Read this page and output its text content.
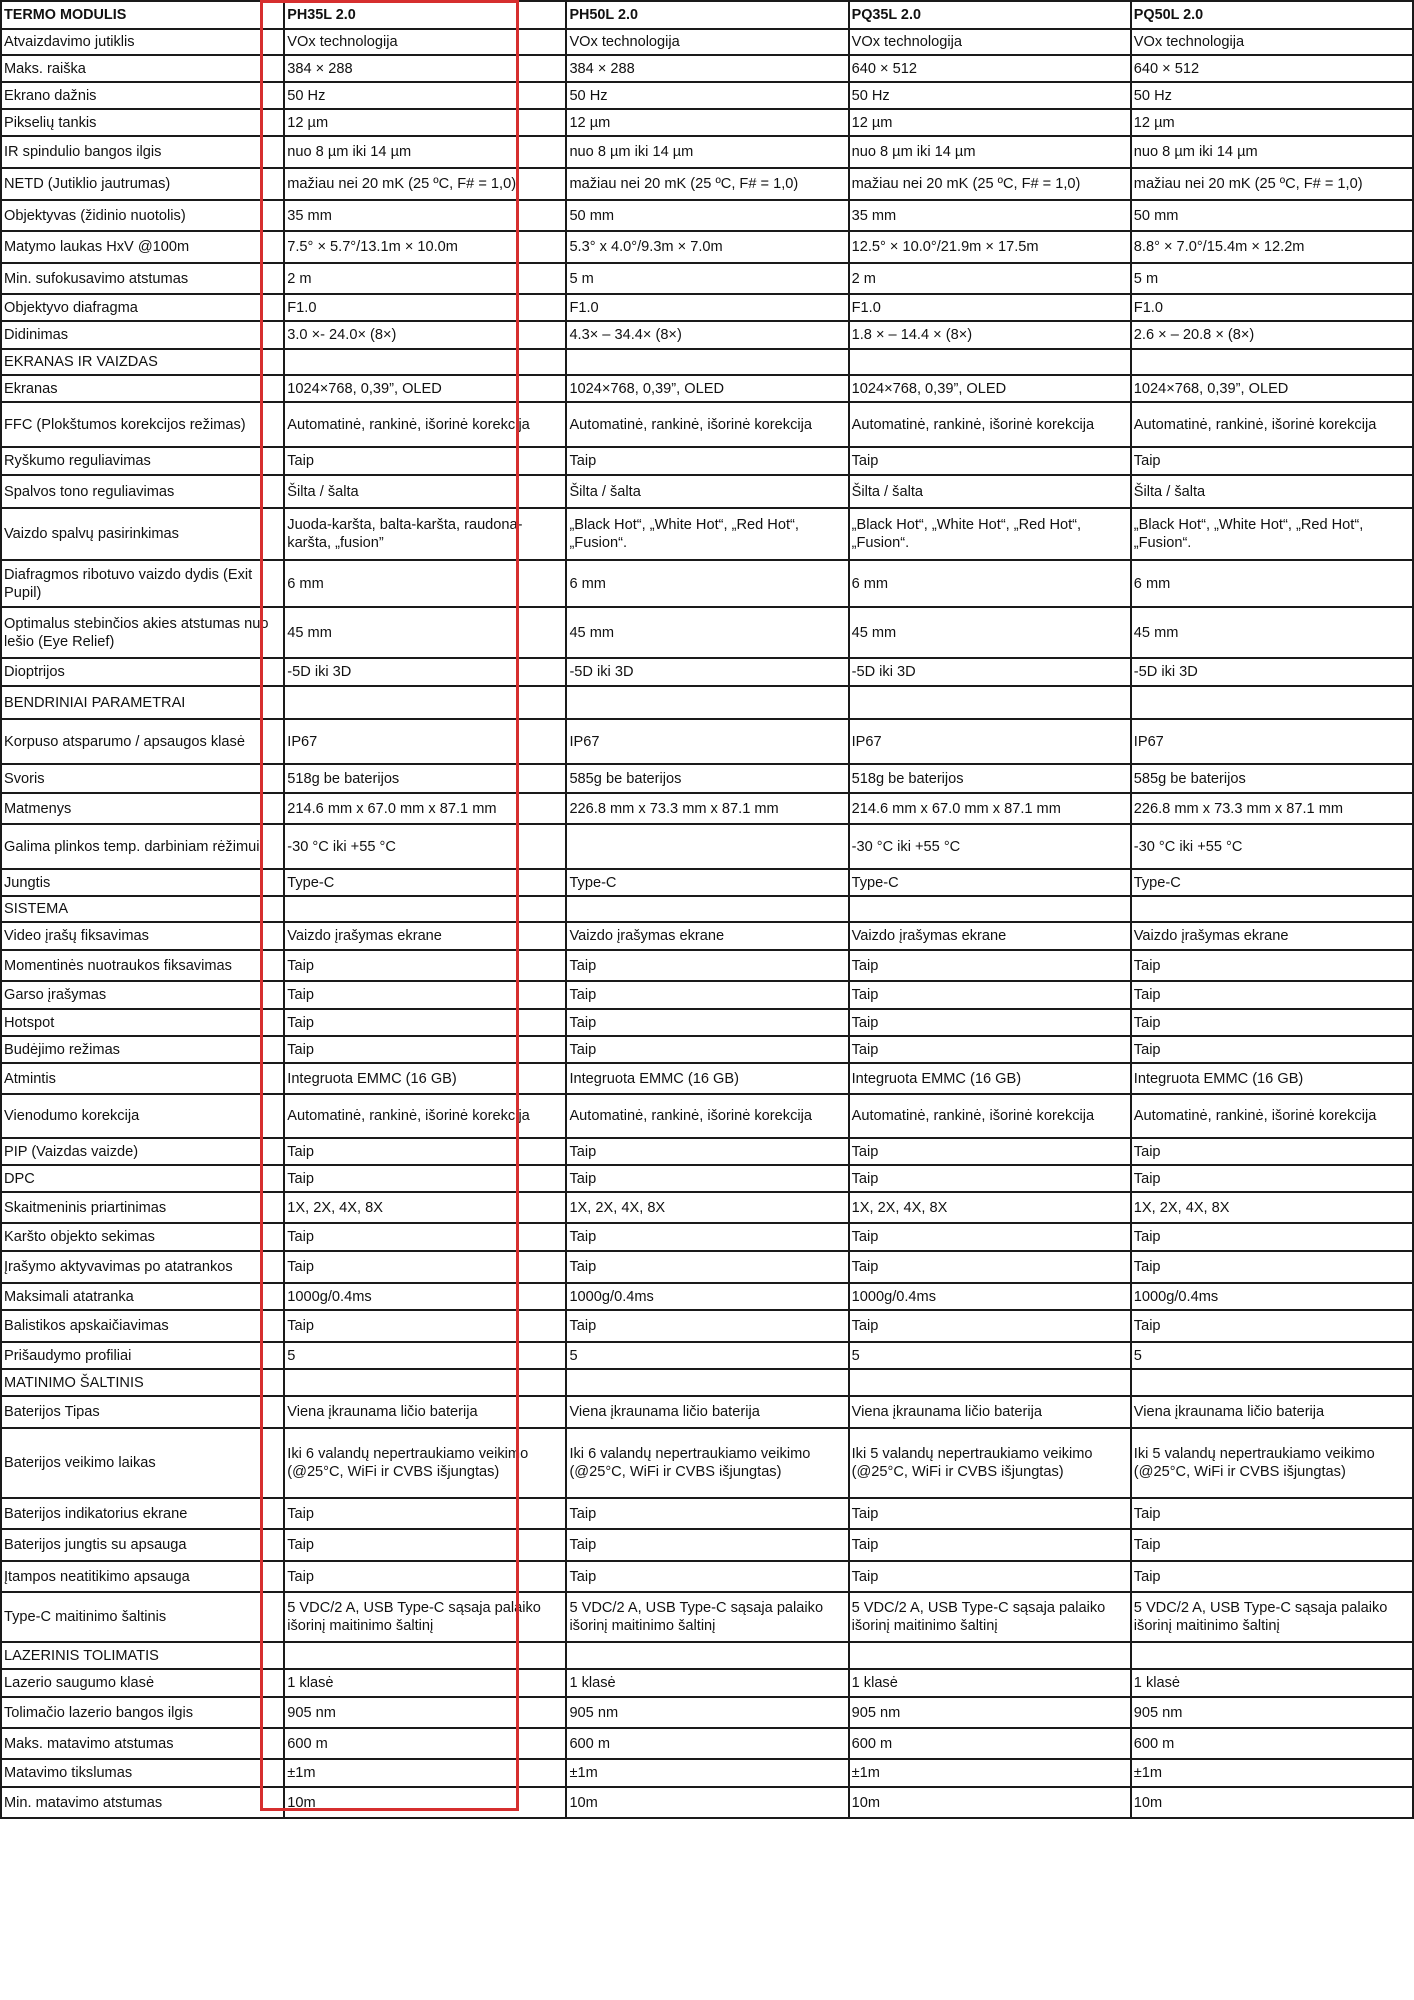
TERMO MODULIS	PH35L 2.0	PH50L 2.0	PQ35L 2.0	PQ50L 2.0
Atvaizdavimo jutiklis	VOx technologija	VOx technologija	VOx technologija	VOx technologija
Maks. raiška	384 × 288	384 × 288	640 × 512	640 × 512
Ekrano dažnis	50 Hz	50 Hz	50 Hz	50 Hz
Pikselių tankis	12 µm	12 µm	12 µm	12 µm
IR spindulio bangos ilgis	nuo 8 µm iki 14 µm	nuo 8 µm iki 14 µm	nuo 8 µm iki 14 µm	nuo 8 µm iki 14 µm
NETD (Jutiklio jautrumas)	mažiau nei 20 mK (25 ºC, F# = 1,0)	mažiau nei 20 mK (25 ºC, F# = 1,0)	mažiau nei 20 mK (25 ºC, F# = 1,0)	mažiau nei 20 mK (25 ºC, F# = 1,0)
Objektyvas (židinio nuotolis)	35 mm	50 mm	35 mm	50 mm
Matymo laukas HxV @100m	7.5° × 5.7°/13.1m × 10.0m	5.3° x 4.0°/9.3m × 7.0m	12.5° × 10.0°/21.9m × 17.5m	8.8° × 7.0°/15.4m × 12.2m
Min. sufokusavimo atstumas	2 m	5 m	2 m	5 m
Objektyvo diafragma	F1.0	F1.0	F1.0	F1.0
Didinimas	3.0 ×- 24.0× (8×)	4.3× – 34.4× (8×)	1.8 × – 14.4 × (8×)	2.6 × – 20.8 × (8×)
EKRANAS IR VAIZDAS				
Ekranas	1024×768, 0,39”, OLED	1024×768, 0,39”, OLED	1024×768, 0,39”, OLED	1024×768, 0,39”, OLED
FFC (Plokštumos korekcijos režimas)	Automatinė, rankinė, išorinė korekcija	Automatinė, rankinė, išorinė korekcija	Automatinė, rankinė, išorinė korekcija	Automatinė, rankinė, išorinė korekcija
Ryškumo reguliavimas	Taip	Taip	Taip	Taip
Spalvos tono reguliavimas	Šilta / šalta	Šilta / šalta	Šilta / šalta	Šilta / šalta
Vaizdo spalvų pasirinkimas	Juoda-karšta, balta-karšta, raudona-karšta, „fusion”	„Black Hot“, „White Hot“, „Red Hot“, „Fusion“.	„Black Hot“, „White Hot“, „Red Hot“, „Fusion“.	„Black Hot“, „White Hot“, „Red Hot“, „Fusion“.
Diafragmos ribotuvo vaizdo dydis (Exit Pupil)	6 mm	6 mm	6 mm	6 mm
Optimalus stebinčios akies atstumas nuo lešio (Eye Relief)	45 mm	45 mm	45 mm	45 mm
Dioptrijos	-5D iki 3D	-5D iki 3D	-5D iki 3D	-5D iki 3D
BENDRINIAI PARAMETRAI				
Korpuso atsparumo / apsaugos klasė	IP67	IP67	IP67	IP67
Svoris	518g be baterijos	585g be baterijos	518g be baterijos	585g be baterijos
Matmenys	214.6 mm x 67.0 mm x 87.1 mm	226.8 mm x 73.3 mm x 87.1 mm	214.6 mm x 67.0 mm x 87.1 mm	226.8 mm x 73.3 mm x 87.1 mm
Galima plinkos temp. darbiniam rėžimui	-30 °C iki +55 °C		-30 °C iki +55 °C	-30 °C iki +55 °C
Jungtis	Type-C	Type-C	Type-C	Type-C
SISTEMA				
Video įrašų fiksavimas	Vaizdo įrašymas ekrane	Vaizdo įrašymas ekrane	Vaizdo įrašymas ekrane	Vaizdo įrašymas ekrane
Momentinės nuotraukos fiksavimas	Taip	Taip	Taip	Taip
Garso įrašymas	Taip	Taip	Taip	Taip
Hotspot	Taip	Taip	Taip	Taip
Budėjimo režimas	Taip	Taip	Taip	Taip
Atmintis	Integruota EMMC (16 GB)	Integruota EMMC (16 GB)	Integruota EMMC (16 GB)	Integruota EMMC (16 GB)
Vienodumo korekcija	Automatinė, rankinė, išorinė korekcija	Automatinė, rankinė, išorinė korekcija	Automatinė, rankinė, išorinė korekcija	Automatinė, rankinė, išorinė korekcija
PIP (Vaizdas vaizde)	Taip	Taip	Taip	Taip
DPC	Taip	Taip	Taip	Taip
Skaitmeninis priartinimas	1X, 2X, 4X, 8X	1X, 2X, 4X, 8X	1X, 2X, 4X, 8X	1X, 2X, 4X, 8X
Karšto objekto sekimas	Taip	Taip	Taip	Taip
Įrašymo aktyvavimas po atatrankos	Taip	Taip	Taip	Taip
Maksimali atatranka	1000g/0.4ms	1000g/0.4ms	1000g/0.4ms	1000g/0.4ms
Balistikos apskaičiavimas	Taip	Taip	Taip	Taip
Prišaudymo profiliai	5	5	5	5
MATINIMO ŠALTINIS				
Baterijos Tipas	Viena įkraunama ličio baterija	Viena įkraunama ličio baterija	Viena įkraunama ličio baterija	Viena įkraunama ličio baterija
Baterijos veikimo laikas	Iki 6 valandų nepertraukiamo veikimo (@25°C, WiFi ir CVBS išjungtas)	Iki 6 valandų nepertraukiamo veikimo (@25°C, WiFi ir CVBS išjungtas)	Iki 5 valandų nepertraukiamo veikimo (@25°C, WiFi ir CVBS išjungtas)	Iki 5 valandų nepertraukiamo veikimo (@25°C, WiFi ir CVBS išjungtas)
Baterijos indikatorius ekrane	Taip	Taip	Taip	Taip
Baterijos jungtis su apsauga	Taip	Taip	Taip	Taip
Įtampos neatitikimo apsauga	Taip	Taip	Taip	Taip
Type-C maitinimo šaltinis	5 VDC/2 A, USB Type-C sąsaja palaiko išorinį maitinimo šaltinį	5 VDC/2 A, USB Type-C sąsaja palaiko išorinį maitinimo šaltinį	5 VDC/2 A, USB Type-C sąsaja palaiko išorinį maitinimo šaltinį	5 VDC/2 A, USB Type-C sąsaja palaiko išorinį maitinimo šaltinį
LAZERINIS TOLIMATIS				
Lazerio saugumo klasė	1 klasė	1 klasė	1 klasė	1 klasė
Tolimačio lazerio bangos ilgis	905 nm	905 nm	905 nm	905 nm
Maks. matavimo atstumas	600 m	600 m	600 m	600 m
Matavimo tikslumas	±1m	±1m	±1m	±1m
Min. matavimo atstumas	10m	10m	10m	10m
